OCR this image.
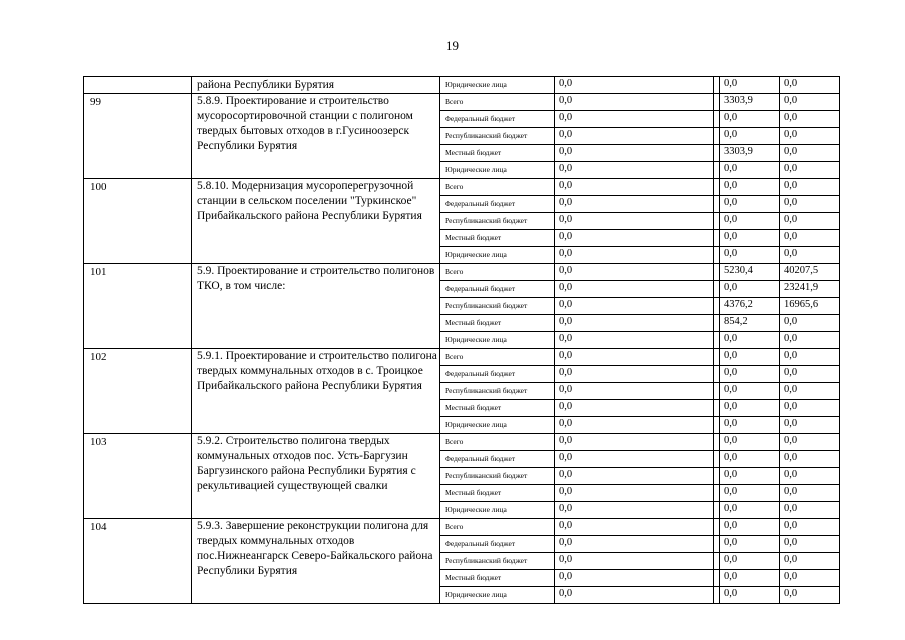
19

	района Республики Бурятия	Юридические лица	0,0		0,0	0,0
99	5.8.9. Проектирование и строительство мусоросортировочной станции с полигоном твердых бытовых отходов в г.Гусиноозерск Республики Бурятия	Всего	0,0		3303,9	0,0
		Федеральный бюджет	0,0		0,0	0,0
		Республиканский бюджет	0,0		0,0	0,0
		Местный бюджет	0,0		3303,9	0,0
		Юридические лица	0,0		0,0	0,0
100	5.8.10. Модернизация мусороперегрузочной станции в сельском поселении "Туркинское" Прибайкальского района Республики Бурятия	Всего	0,0		0,0	0,0
		Федеральный бюджет	0,0		0,0	0,0
		Республиканский бюджет	0,0		0,0	0,0
		Местный бюджет	0,0		0,0	0,0
		Юридические лица	0,0		0,0	0,0
101	5.9. Проектирование и строительство полигонов ТКО, в том числе:	Всего	0,0		5230,4	40207,5
		Федеральный бюджет	0,0		0,0	23241,9
		Республиканский бюджет	0,0		4376,2	16965,6
		Местный бюджет	0,0		854,2	0,0
		Юридические лица	0,0		0,0	0,0
102	5.9.1. Проектирование и строительство полигона твердых коммунальных отходов в с. Троицкое Прибайкальского района Республики Бурятия	Всего	0,0		0,0	0,0
		Федеральный бюджет	0,0		0,0	0,0
		Республиканский бюджет	0,0		0,0	0,0
		Местный бюджет	0,0		0,0	0,0
		Юридические лица	0,0		0,0	0,0
103	5.9.2. Строительство полигона твердых коммунальных отходов пос. Усть-Баргузин Баргузинского района Республики Бурятия с рекультивацией существующей свалки	Всего	0,0		0,0	0,0
		Федеральный бюджет	0,0		0,0	0,0
		Республиканский бюджет	0,0		0,0	0,0
		Местный бюджет	0,0		0,0	0,0
		Юридические лица	0,0		0,0	0,0
104	5.9.3. Завершение реконструкции полигона для твердых коммунальных отходов пос.Нижнеангарск Северо-Байкальского района Республики Бурятия	Всего	0,0		0,0	0,0
		Федеральный бюджет	0,0		0,0	0,0
		Республиканский бюджет	0,0		0,0	0,0
		Местный бюджет	0,0		0,0	0,0
		Юридические лица	0,0		0,0	0,0
